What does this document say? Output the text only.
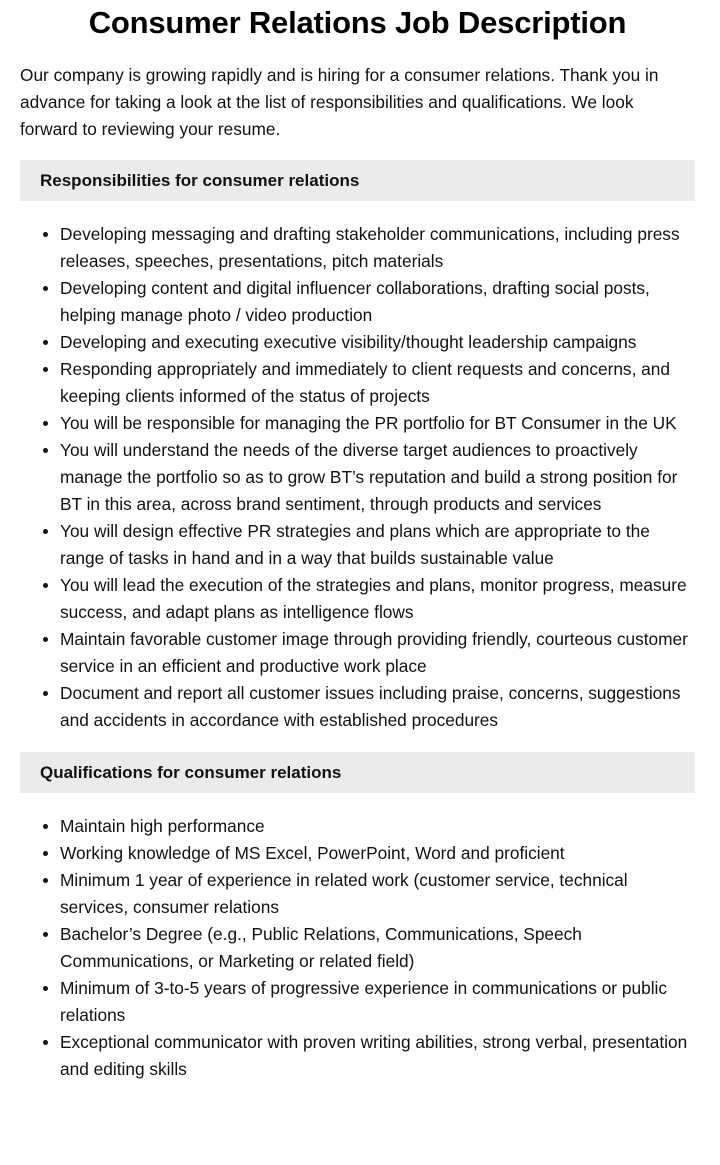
Consumer Relations Job Description

Our company is growing rapidly and is hiring for a consumer relations. Thank you in advance for taking a look at the list of responsibilities and qualifications. We look forward to reviewing your resume.

Responsibilities for consumer relations
Developing messaging and drafting stakeholder communications, including press releases, speeches, presentations, pitch materials
Developing content and digital influencer collaborations, drafting social posts, helping manage photo / video production
Developing and executing executive visibility/thought leadership campaigns
Responding appropriately and immediately to client requests and concerns, and keeping clients informed of the status of projects
You will be responsible for managing the PR portfolio for BT Consumer in the UK
You will understand the needs of the diverse target audiences to proactively manage the portfolio so as to grow BT’s reputation and build a strong position for BT in this area, across brand sentiment, through products and services
You will design effective PR strategies and plans which are appropriate to the range of tasks in hand and in a way that builds sustainable value
You will lead the execution of the strategies and plans, monitor progress, measure success, and adapt plans as intelligence flows
Maintain favorable customer image through providing friendly, courteous customer service in an efficient and productive work place
Document and report all customer issues including praise, concerns, suggestions and accidents in accordance with established procedures
Qualifications for consumer relations
Maintain high performance
Working knowledge of MS Excel, PowerPoint, Word and proficient
Minimum 1 year of experience in related work (customer service, technical services, consumer relations
Bachelor’s Degree (e.g., Public Relations, Communications, Speech Communications, or Marketing or related field)
Minimum of 3-to-5 years of progressive experience in communications or public relations
Exceptional communicator with proven writing abilities, strong verbal, presentation and editing skills
